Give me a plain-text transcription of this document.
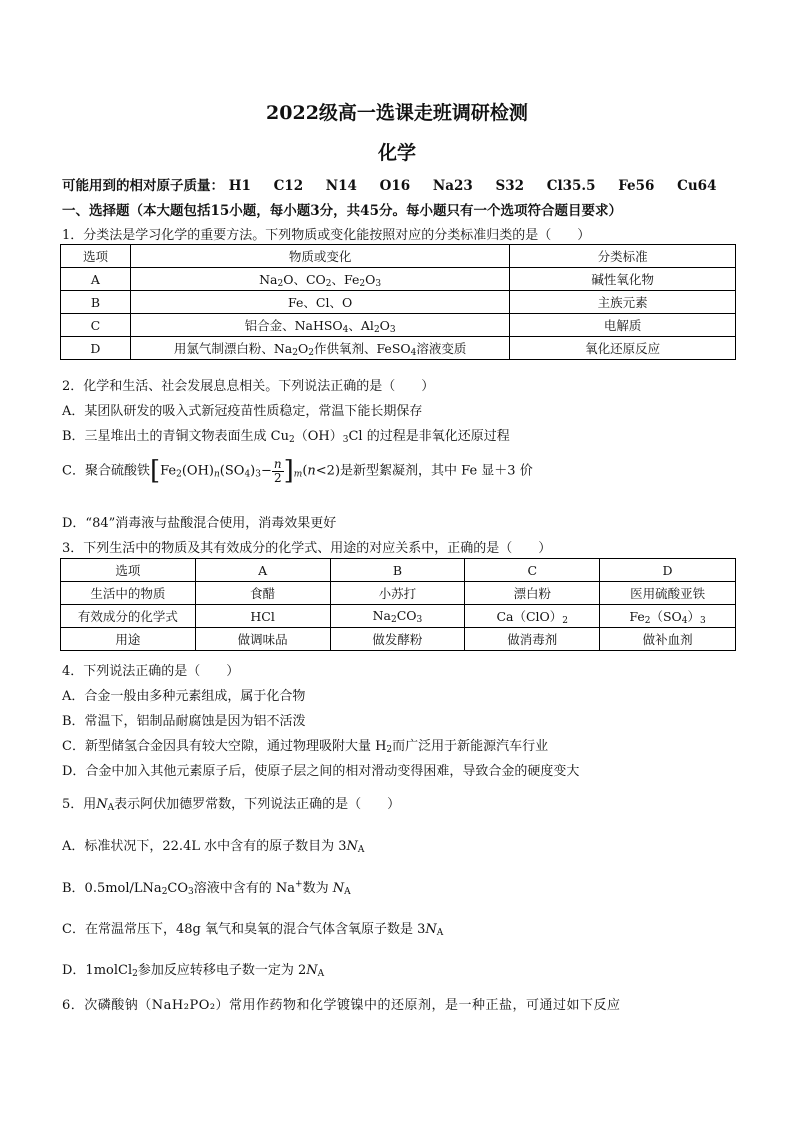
2022级高一选课走班调研检测
化学
可能用到的相对原子质量： H1 C12 N14 O16 Na23 S32 Cl35.5 Fe56 Cu64
一、选择题（本大题包括15小题，每小题3分，共45分。每小题只有一个选项符合题目要求）
1．分类法是学习化学的重要方法。下列物质或变化能按照对应的分类标准归类的是（　　）
选项	物质或变化	分类标准
A	$Na_2O$、$CO_2$、$Fe_2O_3$	碱性氧化物
B	Fe、Cl、O	主族元素
C	铝合金、NaHSO$_4$、$Al_2O_3$	电解质
D	用氯气制漂白粉、$Na_2O_2$作供氧剂、FeSO$_4$溶液变质	氧化还原反应
2．化学和生活、社会发展息息相关。下列说法正确的是（　　）
A．某团队研发的吸入式新冠疫苗性质稳定，常温下能长期保存
B．三星堆出土的青铜文物表面生成 $Cu_2(OH)_3Cl$ 的过程是非氧化还原过程
C．聚合硫酸铁$[Fe_2(OH)_n(SO_4)_3- \frac{n}{2} ]_m(n<2)$是新型絮凝剂，其中 Fe 显＋3 价
D．“84”消毒液与盐酸混合使用，消毒效果更好
3．下列生活中的物质及其有效成分的化学式、用途的对应关系中，正确的是（　　）
选项	A	B	C	D
生活中的物质	食醋	小苏打	漂白粉	医用硫酸亚铁
有效成分的化学式	HCl	$Na_2CO_3$	$Ca(ClO)_2$	$Fe_2(SO_4)_3$
用途	做调味品	做发酵粉	做消毒剂	做补血剂
4．下列说法正确的是（　　）
A．合金一般由多种元素组成，属于化合物
B．常温下，铝制品耐腐蚀是因为铝不活泼
C．新型储氢合金因具有较大空隙，通过物理吸附大量 $H_2$而广泛用于新能源汽车行业
D．合金中加入其他元素原子后，使原子层之间的相对滑动变得困难，导致合金的硬度变大
5．用$N_A$表示阿伏加德罗常数，下列说法正确的是（　　）
A．标准状况下，22.4L 水中含有的原子数目为 $3N_A$
B．$0.5mol/LNa_2CO_3$溶液中含有的 Na+数为 $N_A$
C．在常温常压下，48g 氧气和臭氧的混合气体含氧原子数是 $3N_A$
D．1molCl$_2$参加反应转移电子数一定为 $2N_A$
6．次磷酸钠（NaH₂PO₂）常用作药物和化学镀镍中的还原剂，是一种正盐，可通过如下反应
